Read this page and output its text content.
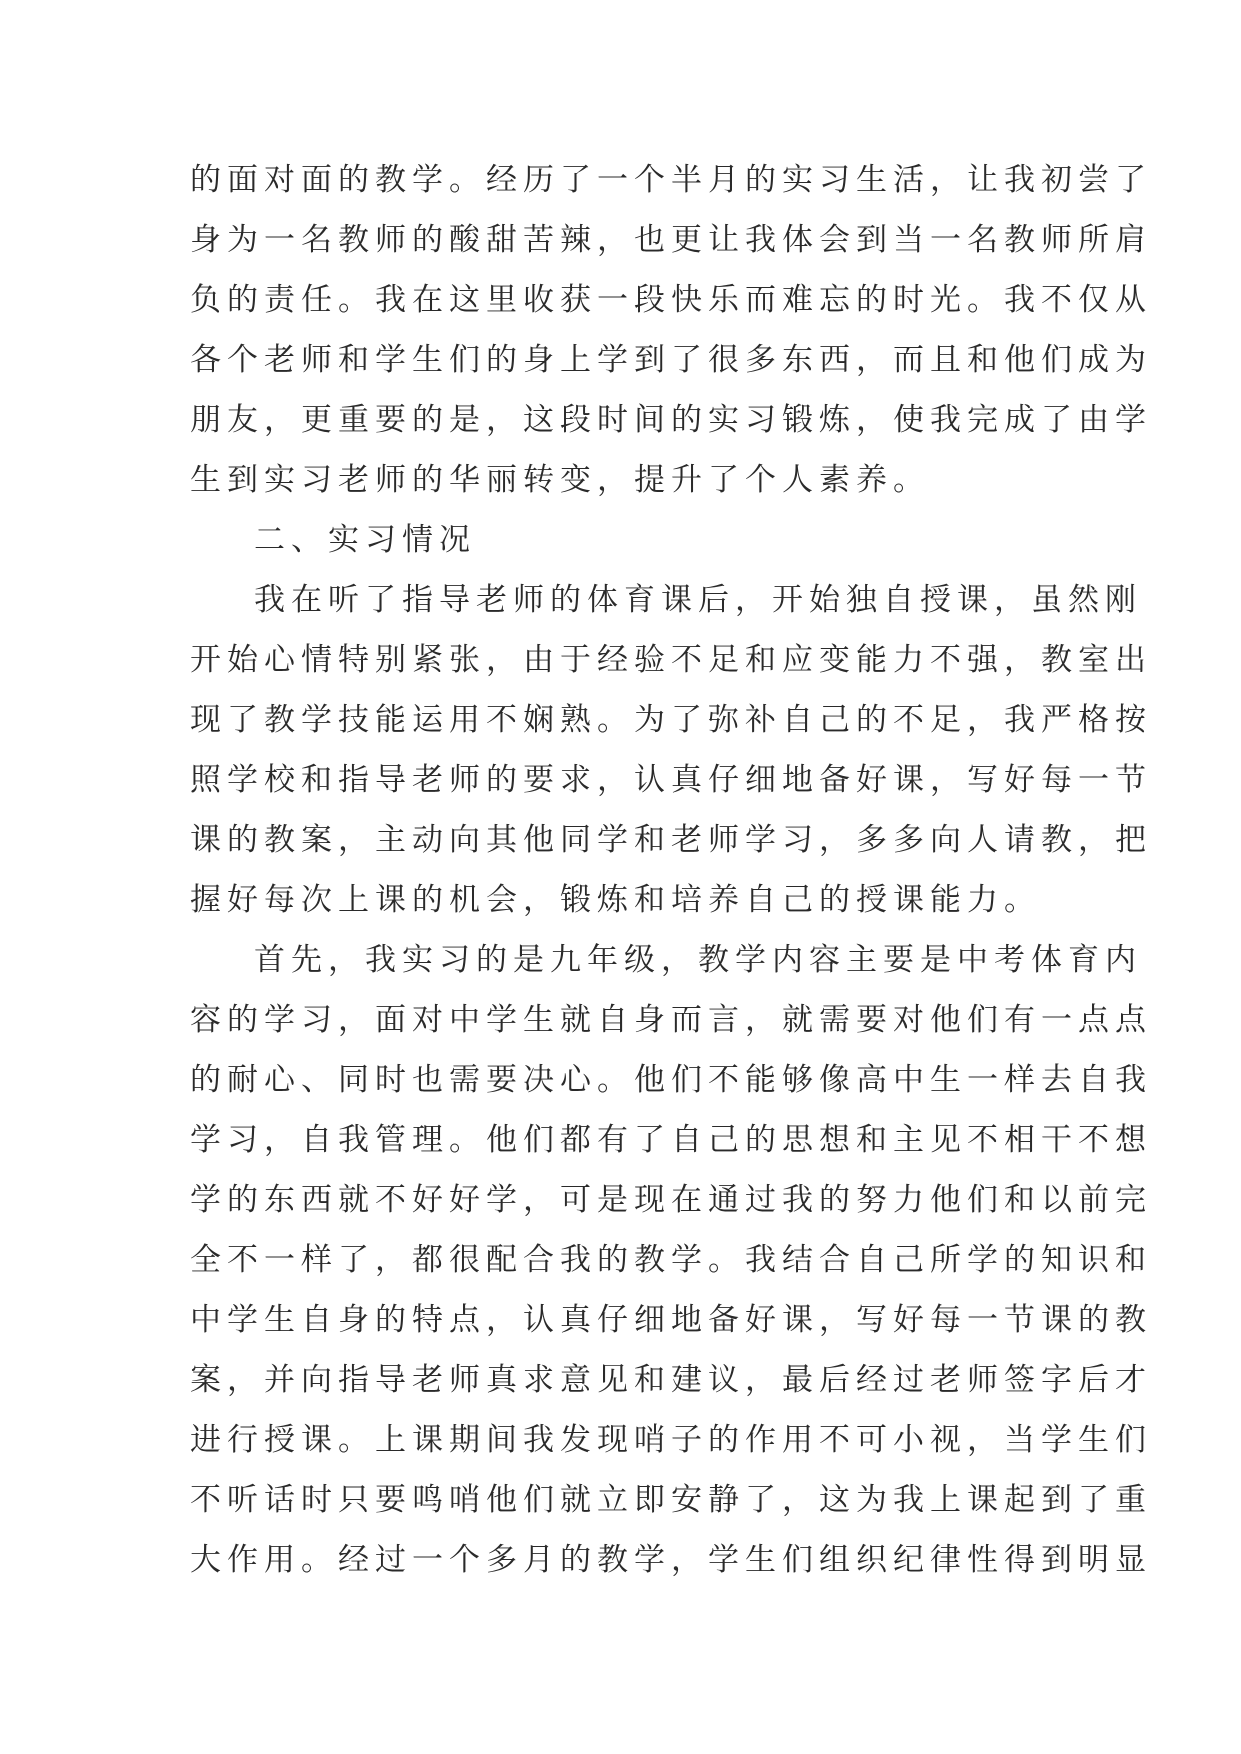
的面对面的教学。经历了一个半月的实习生活，让我初尝了
身为一名教师的酸甜苦辣，也更让我体会到当一名教师所肩
负的责任。我在这里收获一段快乐而难忘的时光。我不仅从
各个老师和学生们的身上学到了很多东西，而且和他们成为
朋友，更重要的是，这段时间的实习锻炼，使我完成了由学
生到实习老师的华丽转变，提升了个人素养。
二、实习情况
我在听了指导老师的体育课后，开始独自授课，虽然刚
开始心情特别紧张，由于经验不足和应变能力不强，教室出
现了教学技能运用不娴熟。为了弥补自己的不足，我严格按
照学校和指导老师的要求，认真仔细地备好课，写好每一节
课的教案，主动向其他同学和老师学习，多多向人请教，把
握好每次上课的机会，锻炼和培养自己的授课能力。
首先，我实习的是九年级，教学内容主要是中考体育内
容的学习，面对中学生就自身而言，就需要对他们有一点点
的耐心、同时也需要决心。他们不能够像高中生一样去自我
学习，自我管理。他们都有了自己的思想和主见不相干不想
学的东西就不好好学，可是现在通过我的努力他们和以前完
全不一样了，都很配合我的教学。我结合自己所学的知识和
中学生自身的特点，认真仔细地备好课，写好每一节课的教
案，并向指导老师真求意见和建议，最后经过老师签字后才
进行授课。上课期间我发现哨子的作用不可小视，当学生们
不听话时只要鸣哨他们就立即安静了，这为我上课起到了重
大作用。经过一个多月的教学，学生们组织纪律性得到明显
